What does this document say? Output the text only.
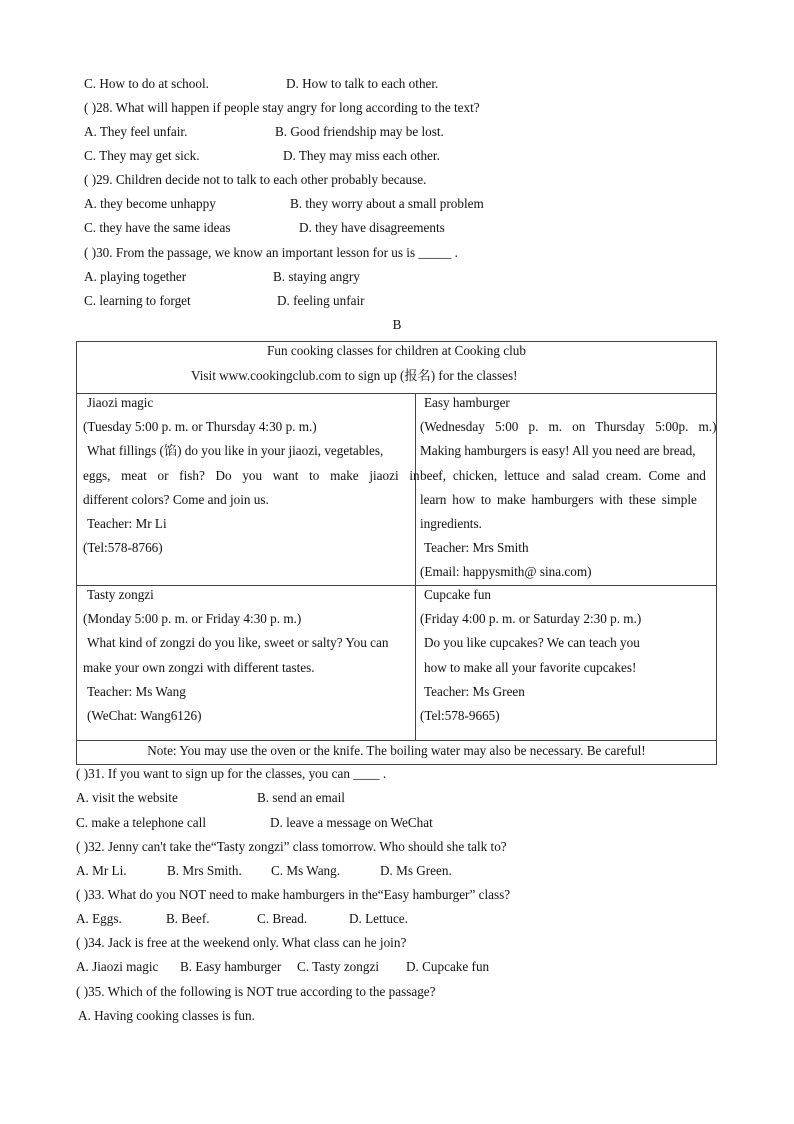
C. How to do at school.	D. How to talk to each other.
( )28. What will happen if people stay angry for long according to the text?
A. They feel unfair.	B. Good friendship may be lost.
C. They may get sick.	D. They may miss each other.
( )29. Children decide not to talk to each other probably because.
A. they become unhappy	B. they worry about a small problem
C. they have the same ideas	D. they have disagreements
( )30. From the passage, we know an important lesson for us is _____ .
A. playing together	B. staying angry
C. learning to forget	D. feeling unfair
B
Fun cooking classes for children at Cooking club
Visit www.cookingclub.com to sign up (报名) for the classes!
Jiaozi magic
(Tuesday 5:00 p. m. or Thursday 4:30 p. m.)
What fillings (馅) do you like in your jiaozi, vegetables,
eggs, meat or fish? Do you want to make jiaozi in
different colors? Come and join us.
Teacher: Mr Li
(Tel:578-8766)
Easy hamburger
(Wednesday 5:00 p. m. on Thursday 5:00p. m.)
Making hamburgers is easy! All you need are bread,
beef, chicken, lettuce and salad cream. Come and
learn how to make hamburgers with these simple
ingredients.
Teacher: Mrs Smith
(Email: happysmith@ sina.com)
Tasty zongzi
(Monday 5:00 p. m. or Friday 4:30 p. m.)
What kind of zongzi do you like, sweet or salty? You can
make your own zongzi with different tastes.
Teacher: Ms Wang
(WeChat: Wang6126)
Cupcake fun
(Friday 4:00 p. m. or Saturday 2:30 p. m.)
Do you like cupcakes? We can teach you
how to make all your favorite cupcakes!
Teacher: Ms Green
(Tel:578-9665)
Note: You may use the oven or the knife. The boiling water may also be necessary. Be careful!
( )31. If you want to sign up for the classes, you can ____ .
A. visit the website	B. send an email
C. make a telephone call	D. leave a message on WeChat
( )32. Jenny can't take the“Tasty zongzi” class tomorrow. Who should she talk to?
A. Mr Li.	B. Mrs Smith. C. Ms Wang.	D. Ms Green.
( )33. What do you NOT need to make hamburgers in the“Easy hamburger” class?
A. Eggs.	B. Beef.	C. Bread.	D. Lettuce.
( )34. Jack is free at the weekend only. What class can he join?
A. Jiaozi magic B. Easy hamburger C. Tasty zongzi D. Cupcake fun
( )35. Which of the following is NOT true according to the passage?
A. Having cooking classes is fun.
